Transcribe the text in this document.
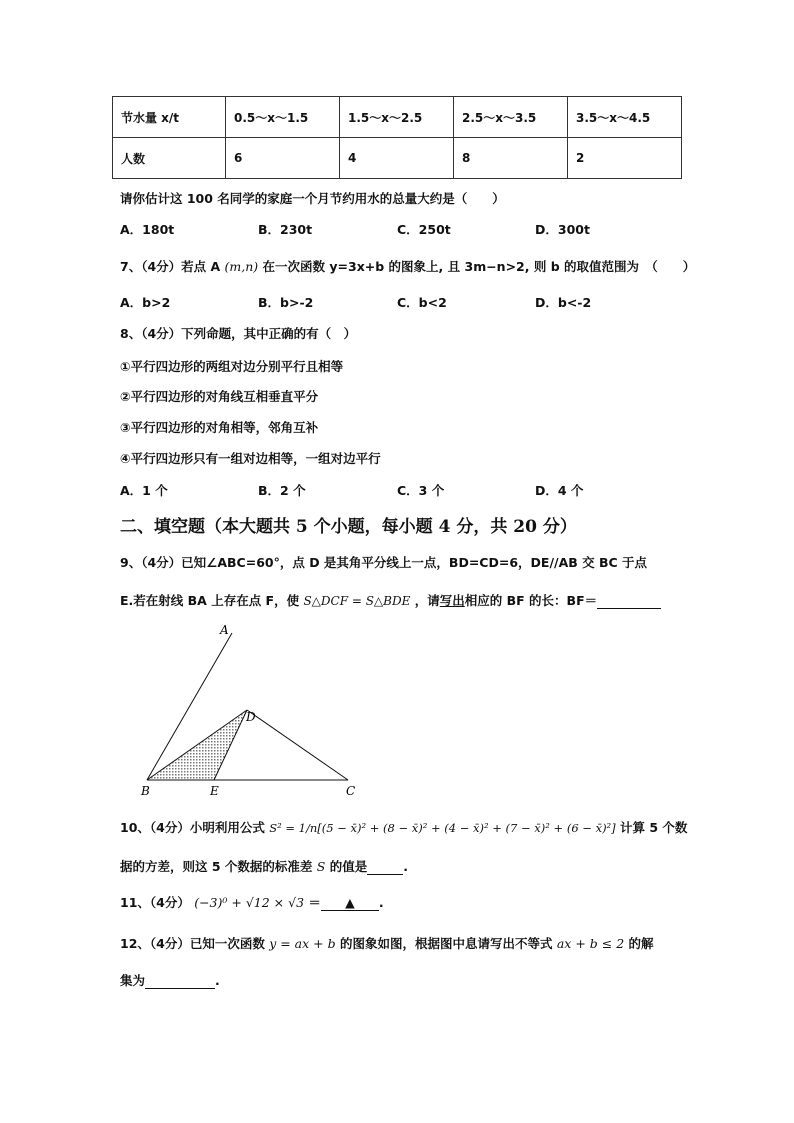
节水量 x/t	0.5～x～1.5	1.5～x～2.5	2.5～x～3.5	3.5～x～4.5
人数	6	4	8	2
请你估计这 100 名同学的家庭一个月节约用水的总量大约是（　　）
A．180t	B．230t	C．250t	D．300t
7、（4分）若点 A (m,n) 在一次函数 y=3x+b 的图象上, 且 3m−n>2, 则 b 的取值范围为　（　　）
A．b>2	B．b>-2	C．b<2	D．b<-2
8、（4分）下列命题，其中正确的有（　）
①平行四边形的两组对边分别平行且相等
②平行四边形的对角线互相垂直平分
③平行四边形的对角相等，邻角互补
④平行四边形只有一组对边相等，一组对边平行
A．1 个	B．2 个	C．3 个	D．4 个
二、填空题（本大题共 5 个小题，每小题 4 分，共 20 分）
9、（4分）已知∠ABC=60°，点 D 是其角平分线上一点，BD=CD=6，DE//AB 交 BC 于点
E.若在射线 BA 上存在点 F，使 S△DCF = S△BDE ，请写出相应的 BF 的长：BF＝
A
B	E	C
D
10、（4分）小明利用公式 S² = 1/n[(5 − x̄)² + (8 − x̄)² + (4 − x̄)² + (7 − x̄)² + (6 − x̄)²] 计算 5 个数
据的方差，则这 5 个数据的标准差 S 的值是	.
11、（4分） (−3)⁰ + √12 × √3 ＝ ▲ .
12、（4分）已知一次函数 y = ax + b 的图象如图，根据图中息请写出不等式 ax + b ≤ 2 的解
集为	.
